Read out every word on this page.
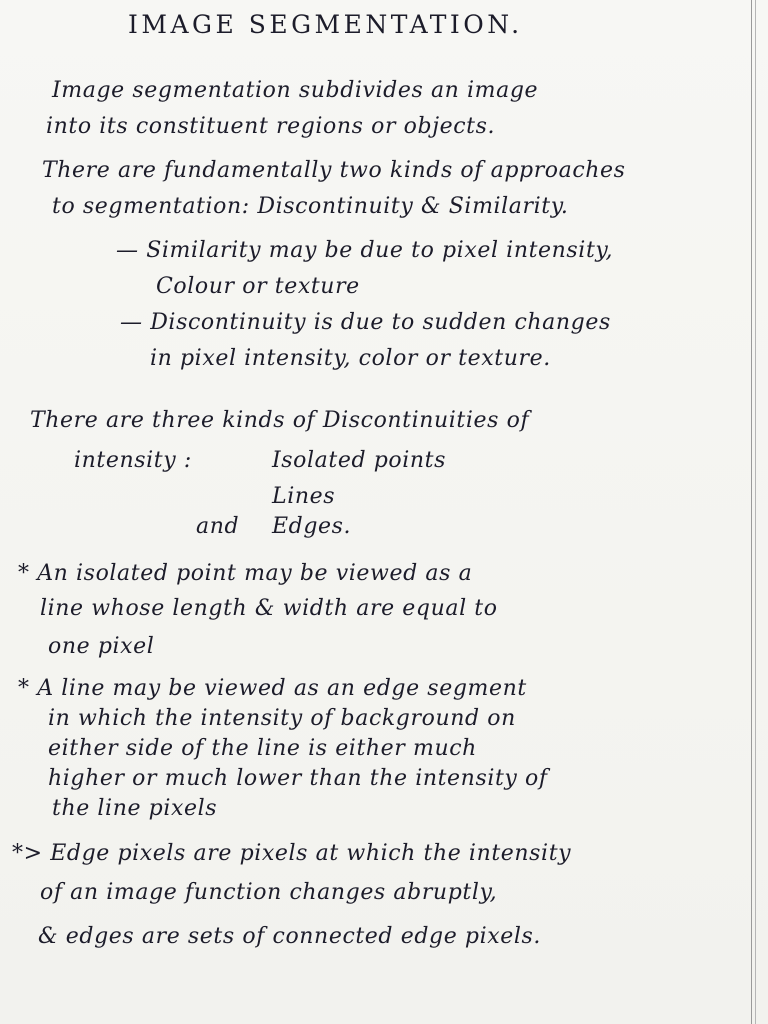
IMAGE SEGMENTATION.
Image segmentation subdivides an image
into its constituent regions or objects.
There are fundamentally two kinds of approaches
to segmentation: Discontinuity & Similarity.
— Similarity may be due to pixel intensity,
Colour or texture
— Discontinuity is due to sudden changes
in pixel intensity, color or texture.
There are three kinds of Discontinuities of
intensity :	Isolated points
Lines
and Edges.
* An isolated point may be viewed as a
line whose length & width are equal to
one pixel
* A line may be viewed as an edge segment
in which the intensity of background on
either side of the line is either much
higher or much lower than the intensity of
the line pixels
*> Edge pixels are pixels at which the intensity
of an image function changes abruptly,
& edges are sets of connected edge pixels.
